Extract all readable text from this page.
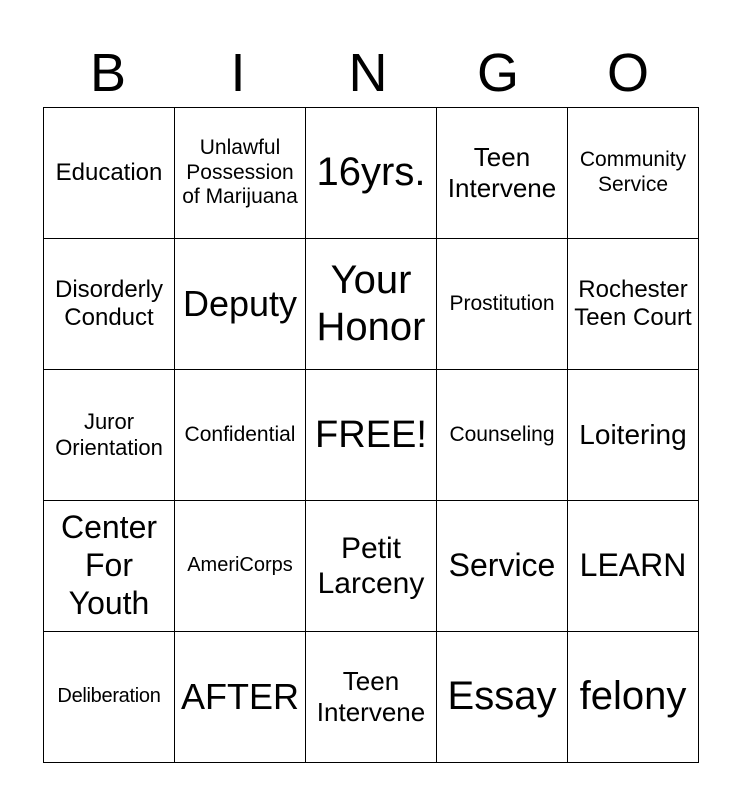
B	I	N	G	O
Education	Unlawful Possession of Marijuana	16yrs.	Teen Intervene	Community Service

Disorderly Conduct	Deputy	Your Honor	Prostitution	Rochester Teen Court

Juror Orientation	Confidential	FREE!	Counseling	Loitering

Center For Youth	AmeriCorps	Petit Larceny	Service	LEARN

Deliberation	AFTER	Teen Intervene	Essay	felony
